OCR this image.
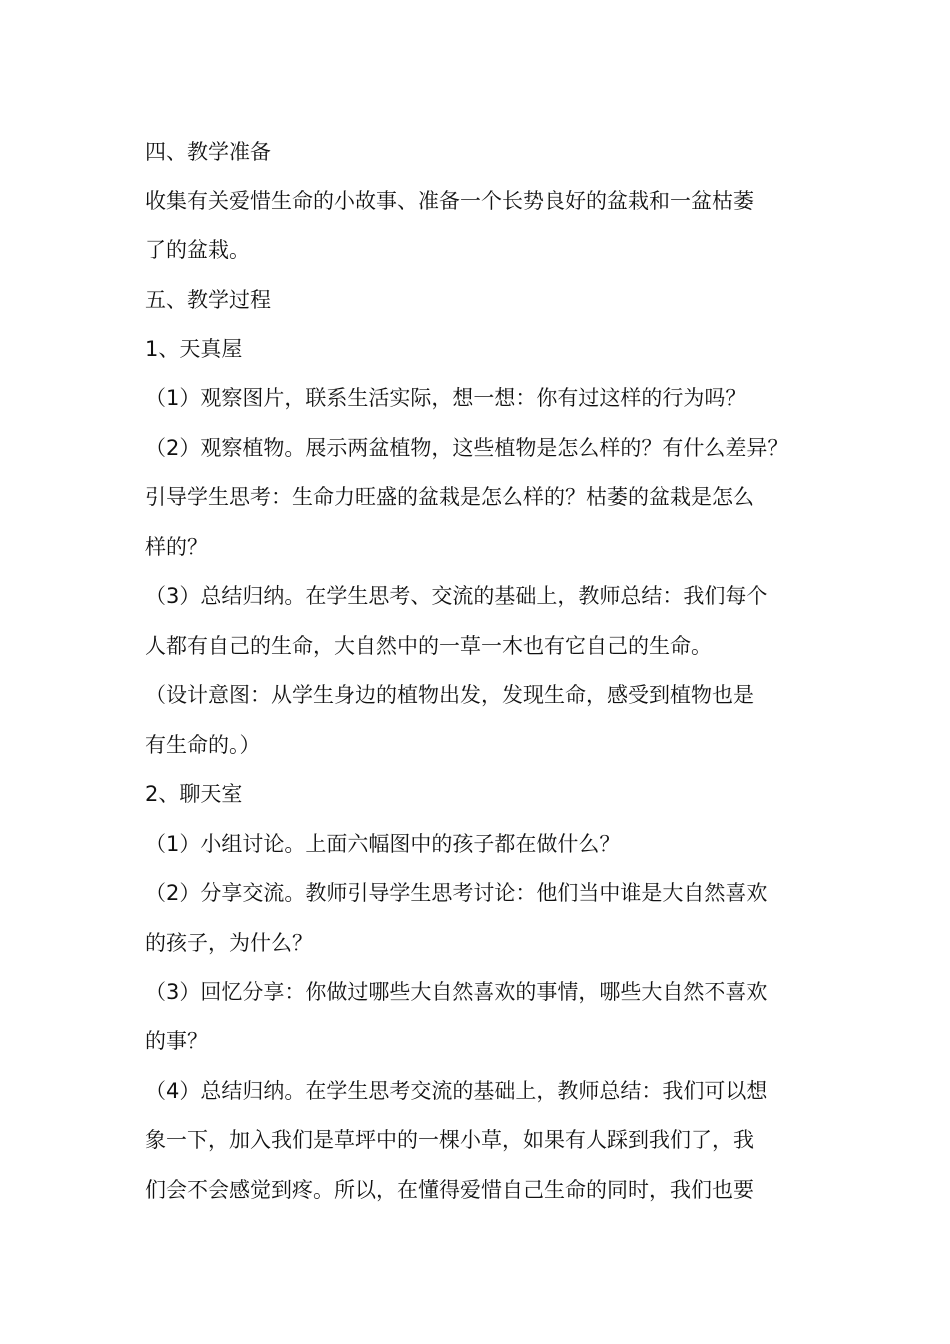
四、教学准备
收集有关爱惜生命的小故事、准备一个长势良好的盆栽和一盆枯萎
了的盆栽。
五、教学过程
1、天真屋
（1）观察图片，联系生活实际，想一想：你有过这样的行为吗？
（2）观察植物。展示两盆植物，这些植物是怎么样的？有什么差异？
引导学生思考：生命力旺盛的盆栽是怎么样的？枯萎的盆栽是怎么
样的？
（3）总结归纳。在学生思考、交流的基础上，教师总结：我们每个
人都有自己的生命，大自然中的一草一木也有它自己的生命。
（设计意图：从学生身边的植物出发，发现生命，感受到植物也是
有生命的。）
2、聊天室
（1）小组讨论。上面六幅图中的孩子都在做什么？
（2）分享交流。教师引导学生思考讨论：他们当中谁是大自然喜欢
的孩子，为什么？
（3）回忆分享：你做过哪些大自然喜欢的事情，哪些大自然不喜欢
的事？
（4）总结归纳。在学生思考交流的基础上，教师总结：我们可以想
象一下，加入我们是草坪中的一棵小草，如果有人踩到我们了，我
们会不会感觉到疼。所以，在懂得爱惜自己生命的同时，我们也要
